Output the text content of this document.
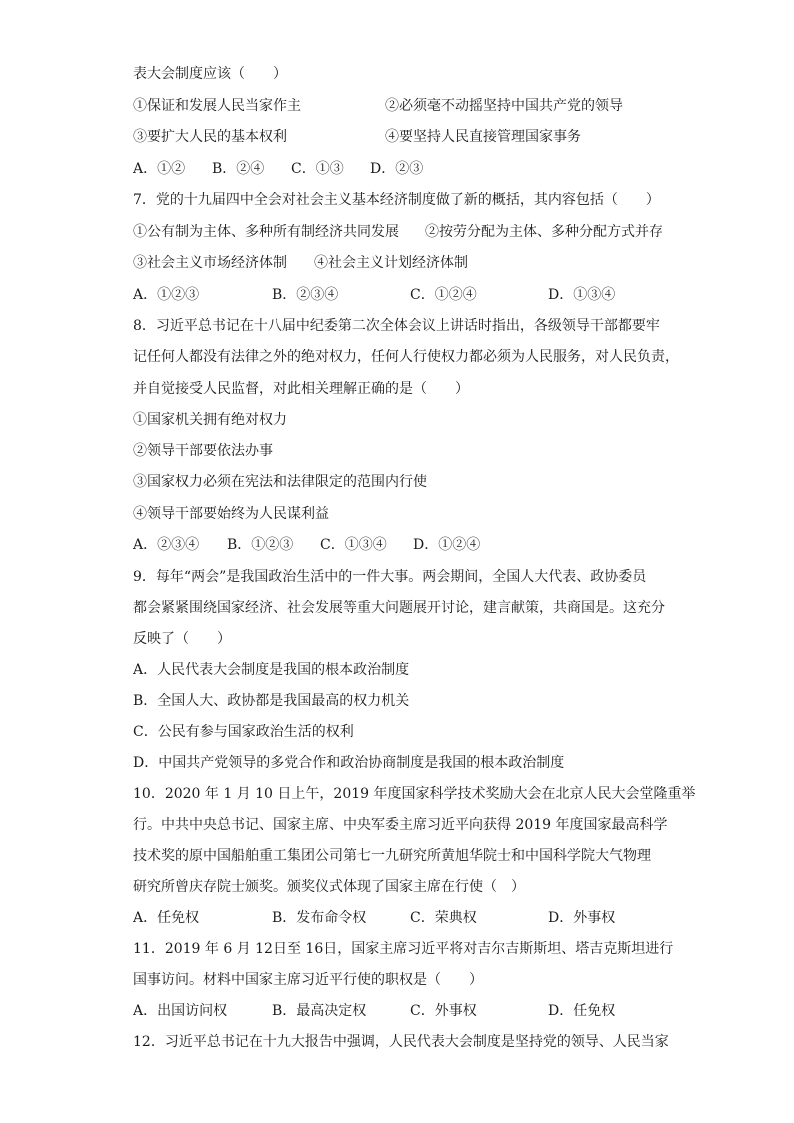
表大会制度应该（　　）
①保证和发展人民当家作主	②必须毫不动摇坚持中国共产党的领导
③要扩大人民的基本权利	④要坚持人民直接管理国家事务
A．①② B．②④ C．①③ D．②③
7．党的十九届四中全会对社会主义基本经济制度做了新的概括，其内容包括（　　）
①公有制为主体、多种所有制经济共同发展 ②按劳分配为主体、多种分配方式并存
③社会主义市场经济体制 ④社会主义计划经济体制
A．①②③	B．②③④	C．①②④	D．①③④
8．习近平总书记在十八届中纪委第二次全体会议上讲话时指出，各级领导干部都要牢
记任何人都没有法律之外的绝对权力，任何人行使权力都必须为人民服务，对人民负责，
并自觉接受人民监督，对此相关理解正确的是（　　）
①国家机关拥有绝对权力
②领导干部要依法办事
③国家权力必须在宪法和法律限定的范围内行使
④领导干部要始终为人民谋利益
A．②③④ B．①②③ C．①③④ D．①②④
9．每年“两会”是我国政治生活中的一件大事。两会期间，全国人大代表、政协委员
都会紧紧围绕国家经济、社会发展等重大问题展开讨论，建言献策，共商国是。这充分
反映了（　　）
A．人民代表大会制度是我国的根本政治制度
B．全国人大、政协都是我国最高的权力机关
C．公民有参与国家政治生活的权利
D．中国共产党领导的多党合作和政治协商制度是我国的根本政治制度
10．2020 年 1 月 10 日上午，2019 年度国家科学技术奖励大会在北京人民大会堂隆重举
行。中共中央总书记、国家主席、中央军委主席习近平向获得 2019 年度国家最高科学
技术奖的原中国船舶重工集团公司第七一九研究所黄旭华院士和中国科学院大气物理
研究所曾庆存院士颁奖。颁奖仪式体现了国家主席在行使（　）
A．任免权	B．发布命令权	C．荣典权	D．外事权
11．2019 年 6 月 12日至 16日，国家主席习近平将对吉尔吉斯斯坦、塔吉克斯坦进行
国事访问。材料中国家主席习近平行使的职权是（　　）
A．出国访问权	B．最高决定权	C．外事权	D．任免权
12．习近平总书记在十九大报告中强调，人民代表大会制度是坚持党的领导、人民当家
